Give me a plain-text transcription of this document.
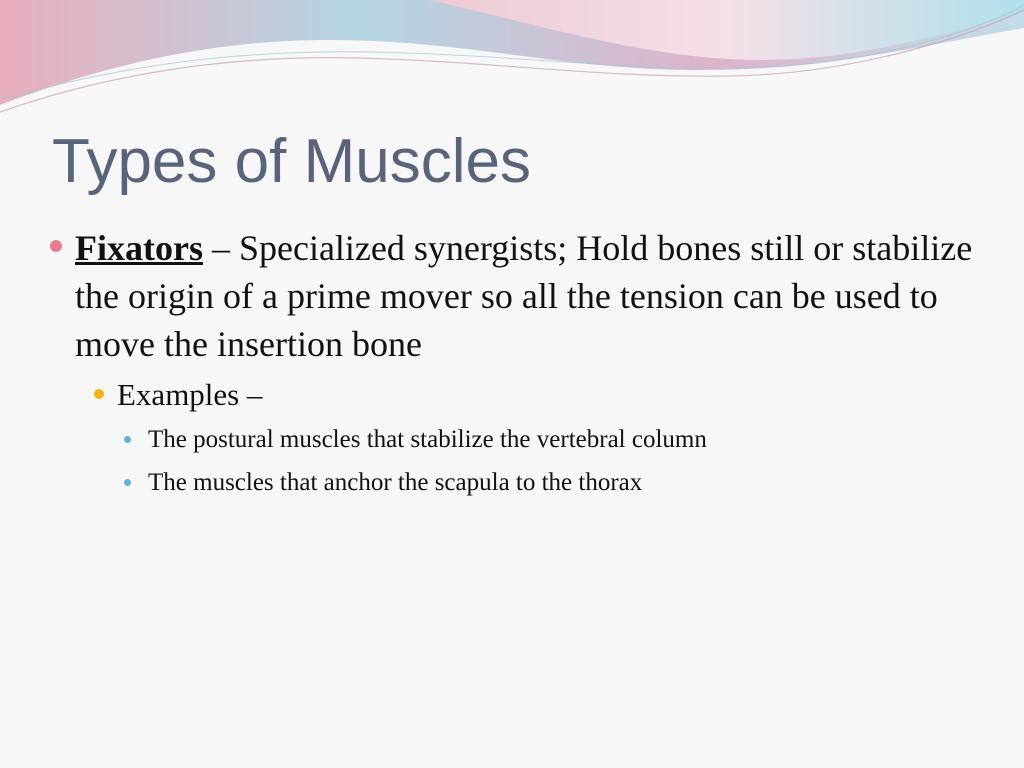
Types of Muscles
Fixators – Specialized synergists; Hold bones still or stabilize the origin of a prime mover so all the tension can be used to move the insertion bone
Examples –
The postural muscles that stabilize the vertebral column
The muscles that anchor the scapula to the thorax
